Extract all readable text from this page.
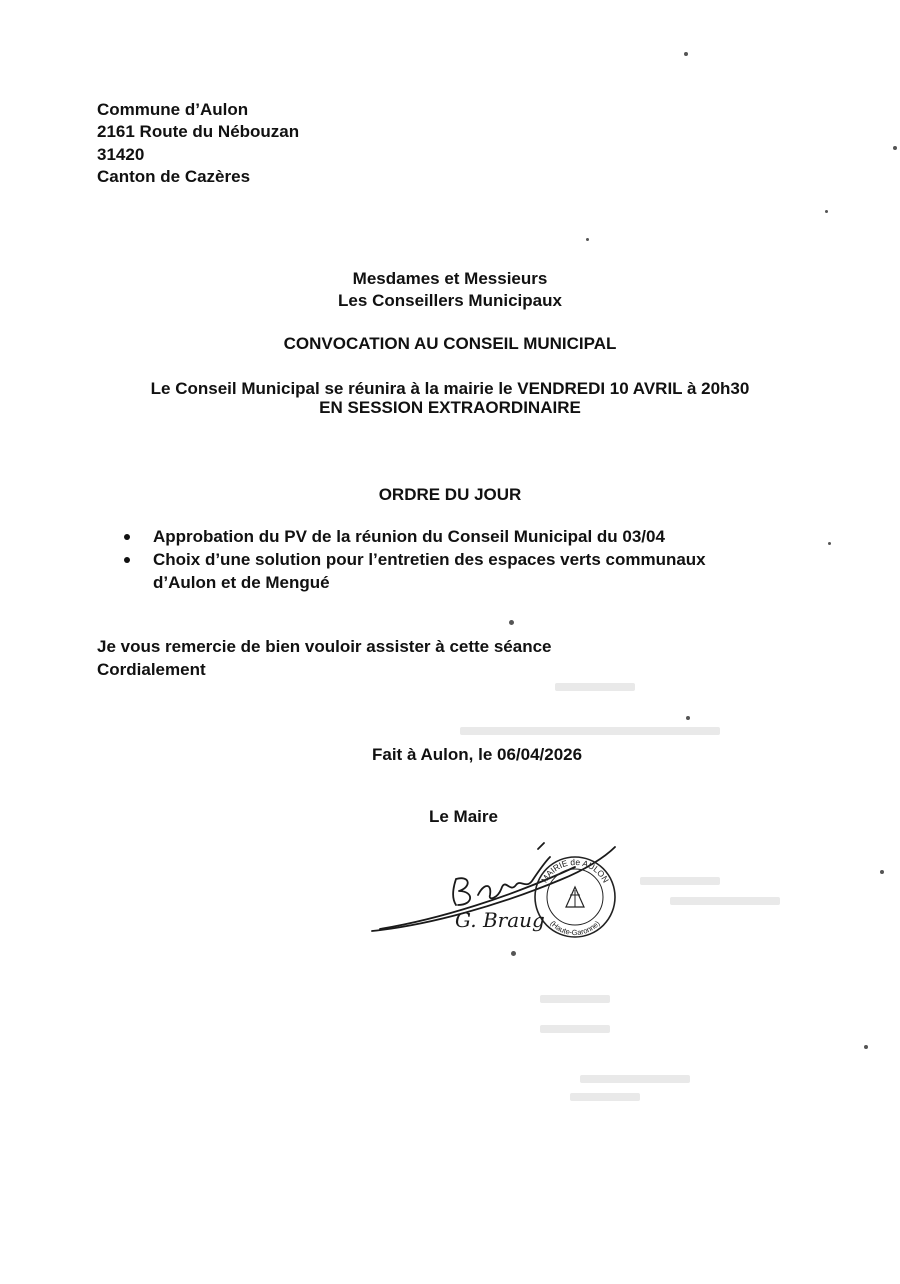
Commune d’Aulon
2161 Route du Nébouzan
31420
Canton de Cazères
Mesdames et Messieurs
Les Conseillers Municipaux
CONVOCATION AU CONSEIL MUNICIPAL
Le Conseil Municipal se réunira à la mairie le VENDREDI 10 AVRIL à 20h30
EN SESSION EXTRAORDINAIRE
ORDRE DU JOUR
Approbation du PV de la réunion du Conseil Municipal du 03/04
Choix d’une solution pour l’entretien des espaces verts communaux
d’Aulon et de Mengué
Je vous remercie de bien vouloir assister à cette séance
Cordialement
Fait à Aulon, le 06/04/2026
Le Maire
MAIRIE de AULON
(Haute-Garonne)
G. Braug
